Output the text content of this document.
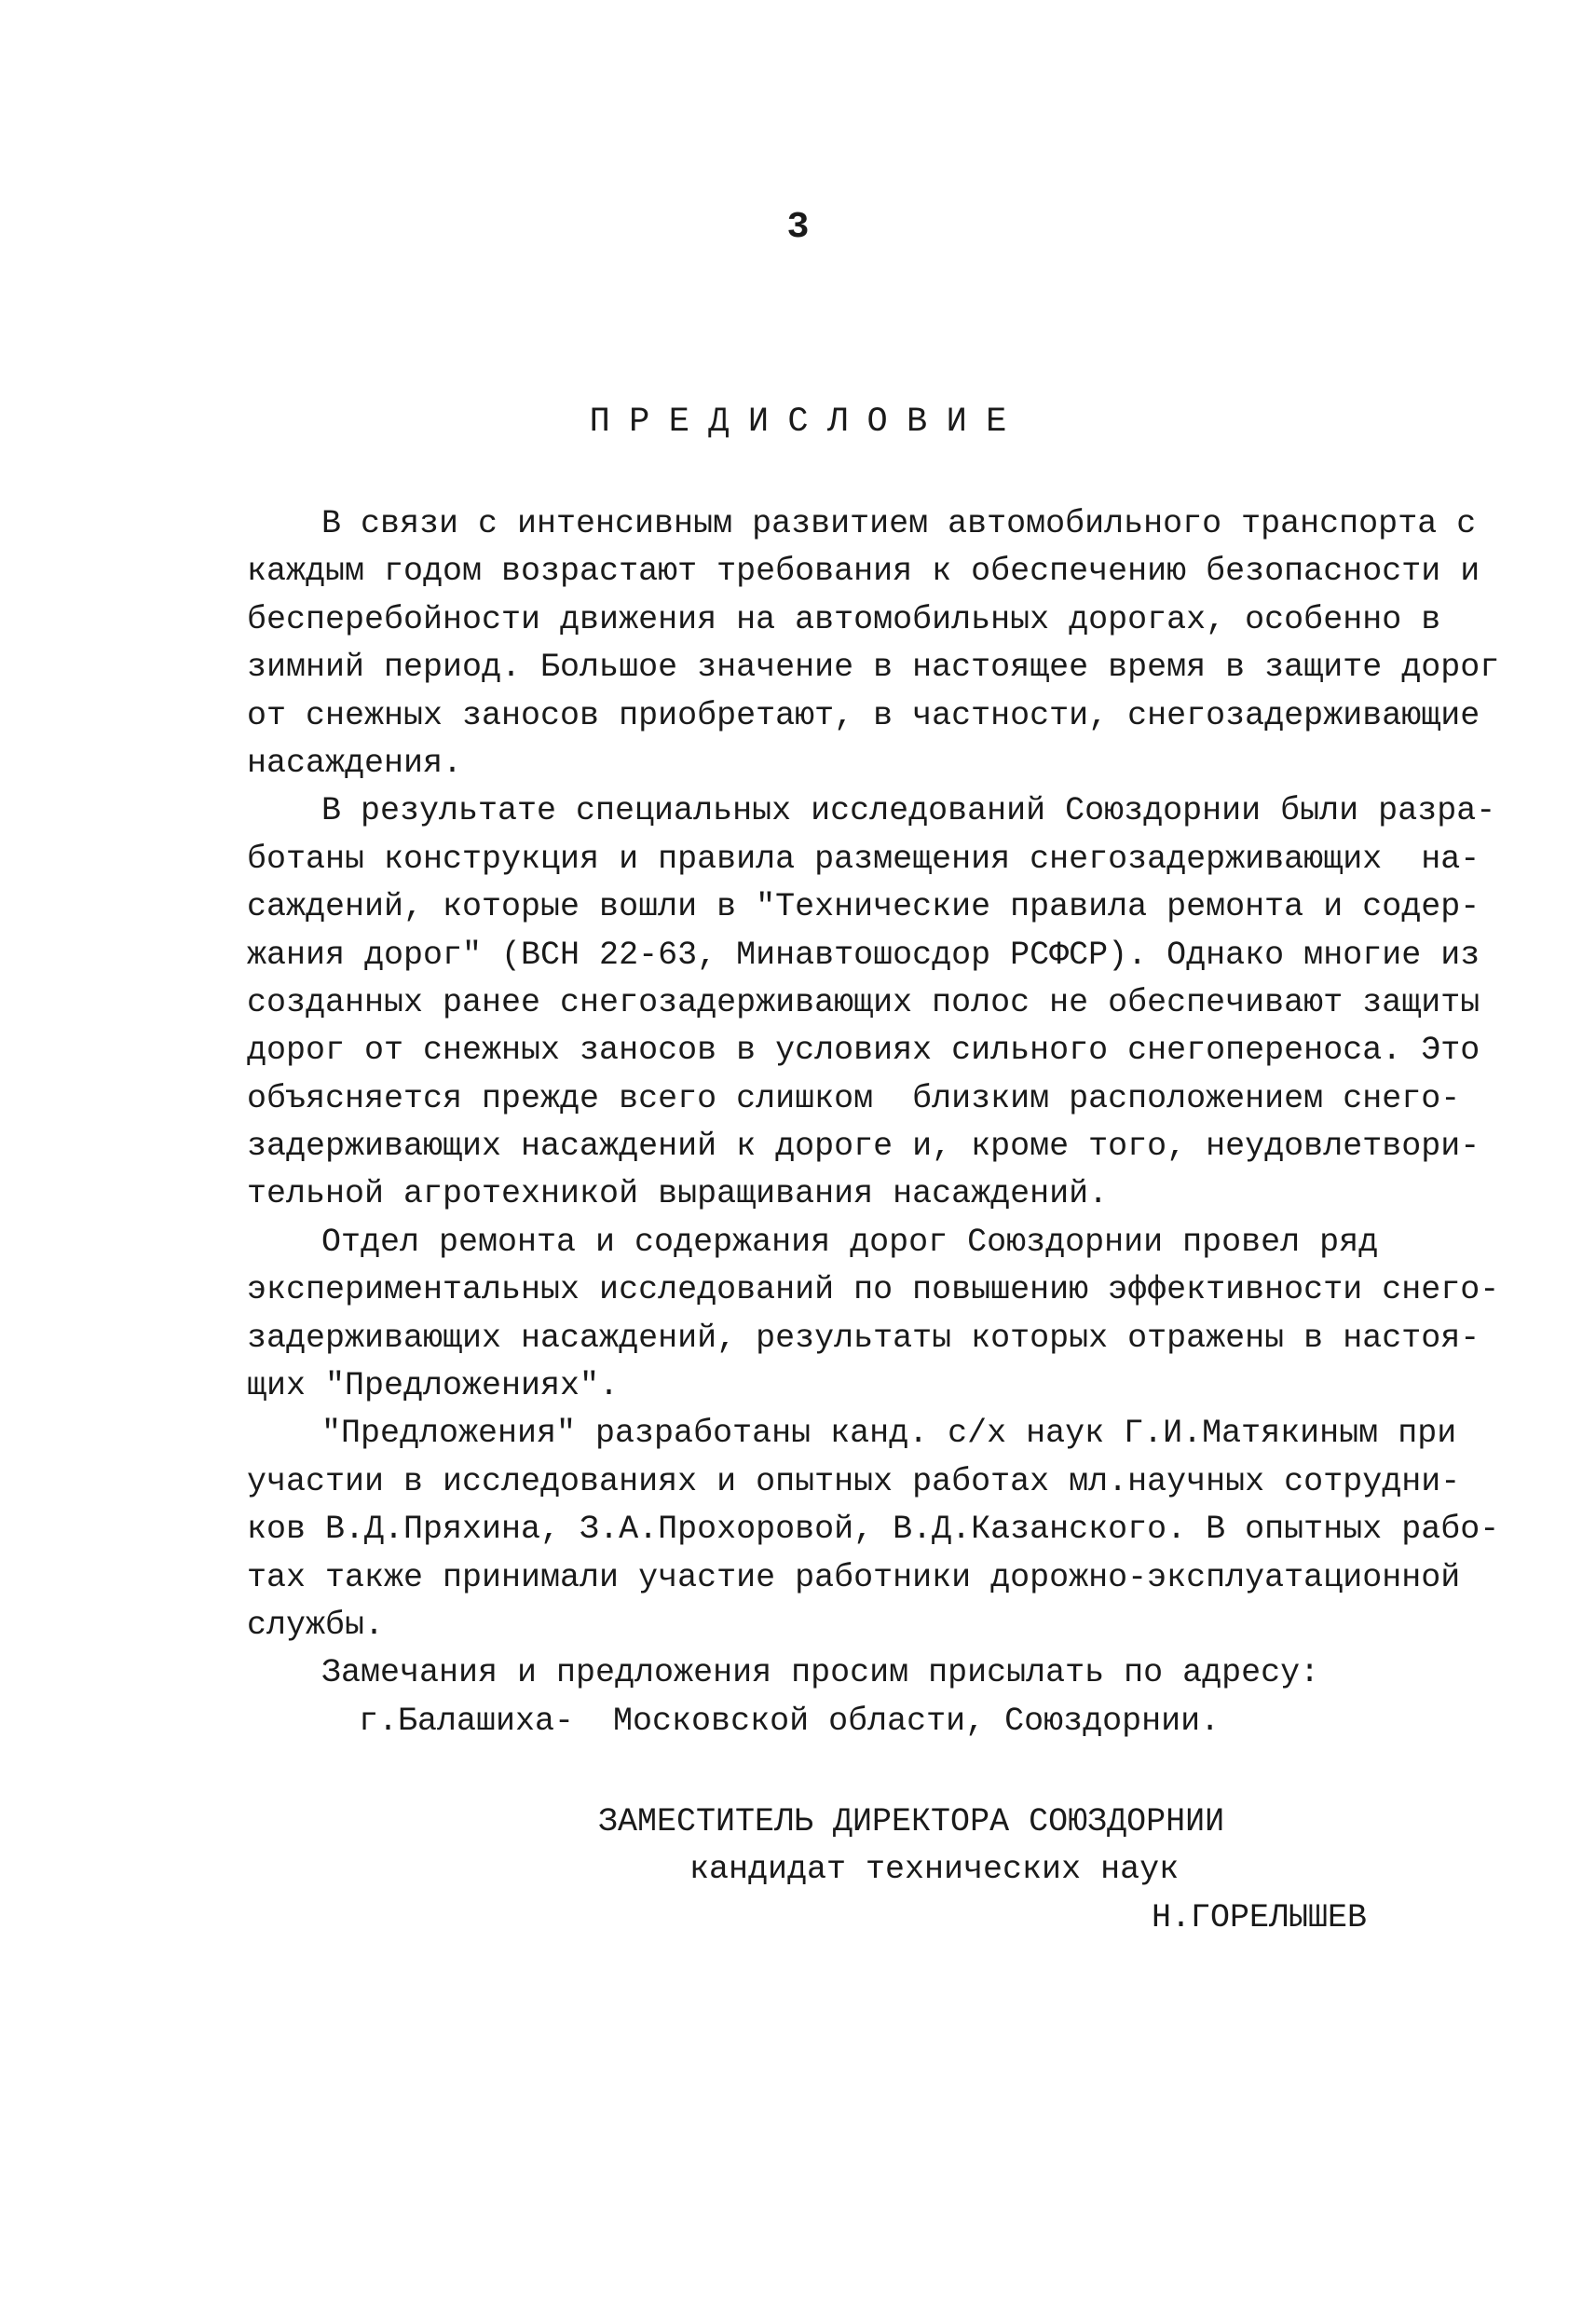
3
ПРЕДИСЛОВИЕ
В связи с интенсивным развитием автомобильного транспорта с
каждым годом возрастают требования к обеспечению безопасности и
бесперебойности движения на автомобильных дорогах, особенно в
зимний период. Большое значение в настоящее время в защите дорог
от снежных заносов приобретают, в частности, снегозадерживающие
насаждения.
В результате специальных исследований Союздорнии были разра-
ботаны конструкция и правила размещения снегозадерживающих  на-
саждений, которые вошли в "Технические правила ремонта и содер-
жания дорог" (ВСН 22-63, Минавтошосдор РСФСР). Однако многие из
созданных ранее снегозадерживающих полос не обеспечивают защиты
дорог от снежных заносов в условиях сильного снегопереноса. Это
объясняется прежде всего слишком  близким расположением снего-
задерживающих насаждений к дороге и, кроме того, неудовлетвори-
тельной агротехникой выращивания насаждений.
Отдел ремонта и содержания дорог Союздорнии провел ряд
экспериментальных исследований по повышению эффективности снего-
задерживающих насаждений, результаты которых отражены в настоя-
щих "Предложениях".
"Предложения" разработаны канд. с/х наук Г.И.Матякиным при
участии в исследованиях и опытных работах мл.научных сотрудни-
ков В.Д.Пряхина, З.А.Прохоровой, В.Д.Казанского. В опытных рабо-
тах также принимали участие работники дорожно-эксплуатационной
службы.
Замечания и предложения просим присылать по адресу:
г.Балашиха-  Московской области, Союздорнии.
ЗАМЕСТИТЕЛЬ ДИРЕКТОРА СОЮЗДОРНИИ
кандидат технических наук
Н.ГОРЕЛЫШЕВ
